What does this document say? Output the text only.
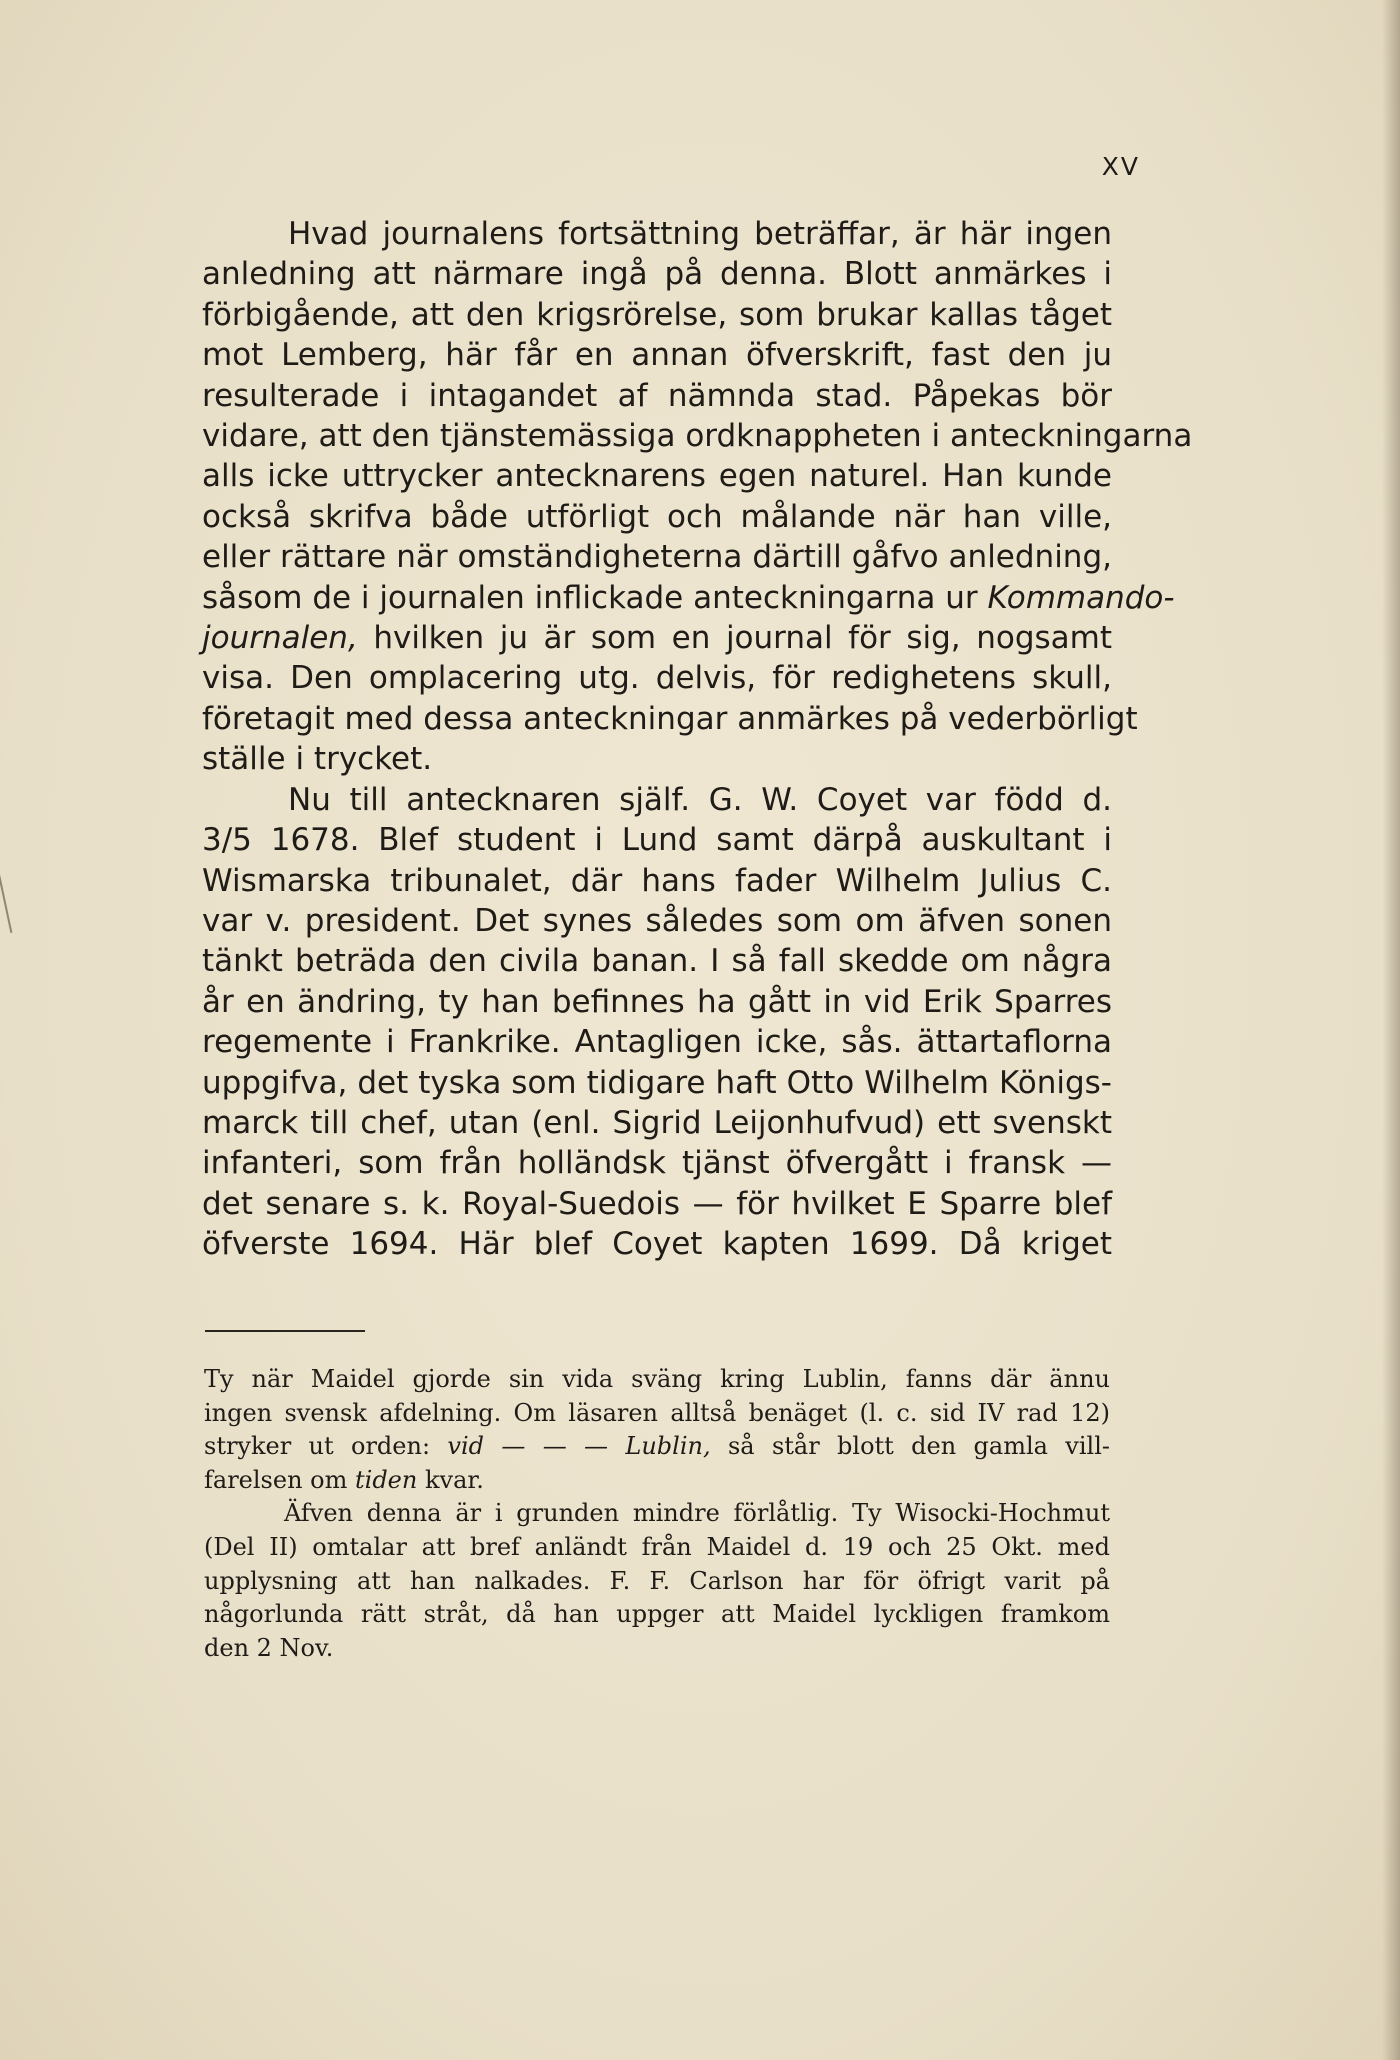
XV
Hvad journalens fortsättning beträffar, är här ingen
anledning att närmare ingå på denna. Blott anmärkes i
förbigående, att den krigsrörelse, som brukar kallas tåget
mot Lemberg, här får en annan öfverskrift, fast den ju
resulterade i intagandet af nämnda stad. Påpekas bör
vidare, att den tjänstemässiga ordknappheten i anteckningarna
alls icke uttrycker antecknarens egen naturel. Han kunde
också skrifva både utförligt och målande när han ville,
eller rättare när omständigheterna därtill gåfvo anledning,
såsom de i journalen inflickade anteckningarna ur Kommando-
journalen, hvilken ju är som en journal för sig, nogsamt
visa. Den omplacering utg. delvis, för redighetens skull,
företagit med dessa anteckningar anmärkes på vederbörligt
ställe i trycket.
Nu till antecknaren själf. G. W. Coyet var född d.
3/5 1678. Blef student i Lund samt därpå auskultant i
Wismarska tribunalet, där hans fader Wilhelm Julius C.
var v. president. Det synes således som om äfven sonen
tänkt beträda den civila banan. I så fall skedde om några
år en ändring, ty han befinnes ha gått in vid Erik Sparres
regemente i Frankrike. Antagligen icke, sås. ättartaflorna
uppgifva, det tyska som tidigare haft Otto Wilhelm Königs-
marck till chef, utan (enl. Sigrid Leijonhufvud) ett svenskt
infanteri, som från holländsk tjänst öfvergått i fransk —
det senare s. k. Royal-Suedois — för hvilket E Sparre blef
öfverste 1694. Här blef Coyet kapten 1699. Då kriget
Ty när Maidel gjorde sin vida sväng kring Lublin, fanns där ännu
ingen svensk afdelning. Om läsaren alltså benäget (l. c. sid IV rad 12)
stryker ut orden: vid — — — Lublin, så står blott den gamla vill-
farelsen om tiden kvar.
Äfven denna är i grunden mindre förlåtlig. Ty Wisocki-Hochmut
(Del II) omtalar att bref anländt från Maidel d. 19 och 25 Okt. med
upplysning att han nalkades. F. F. Carlson har för öfrigt varit på
någorlunda rätt stråt, då han uppger att Maidel lyckligen framkom
den 2 Nov.
